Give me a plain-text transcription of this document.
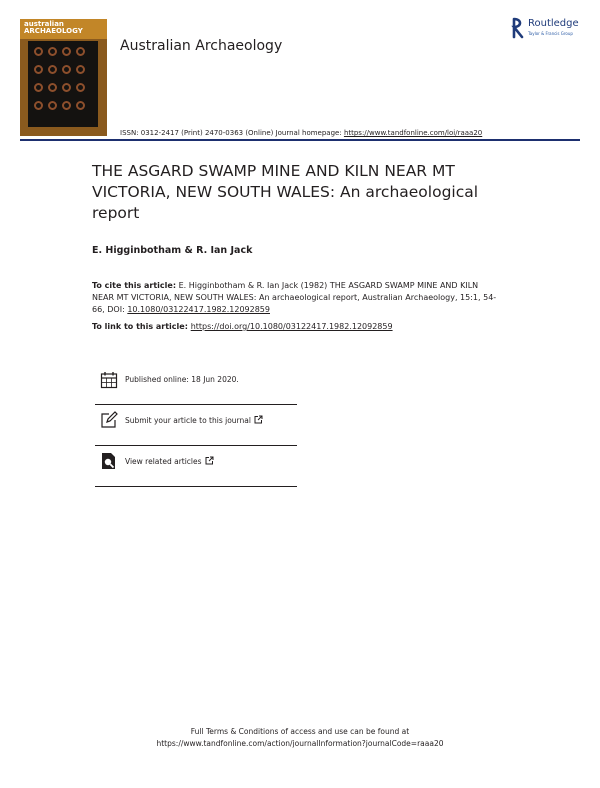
australian
ARCHAEOLOGY
Australian Archaeology
Routledge
Taylor & Francis Group
ISSN: 0312-2417 (Print) 2470-0363 (Online) Journal homepage: https://www.tandfonline.com/loi/raaa20
THE ASGARD SWAMP MINE AND KILN NEAR MT VICTORIA, NEW SOUTH WALES: An archaeological report
E. Higginbotham & R. Ian Jack
To cite this article: E. Higginbotham & R. Ian Jack (1982) THE ASGARD SWAMP MINE AND KILN NEAR MT VICTORIA, NEW SOUTH WALES: An archaeological report, Australian Archaeology, 15:1, 54-66, DOI: 10.1080/03122417.1982.12092859
To link to this article: https://doi.org/10.1080/03122417.1982.12092859
Published online: 18 Jun 2020.
Submit your article to this journal
View related articles
Full Terms & Conditions of access and use can be found at
https://www.tandfonline.com/action/journalInformation?journalCode=raaa20
